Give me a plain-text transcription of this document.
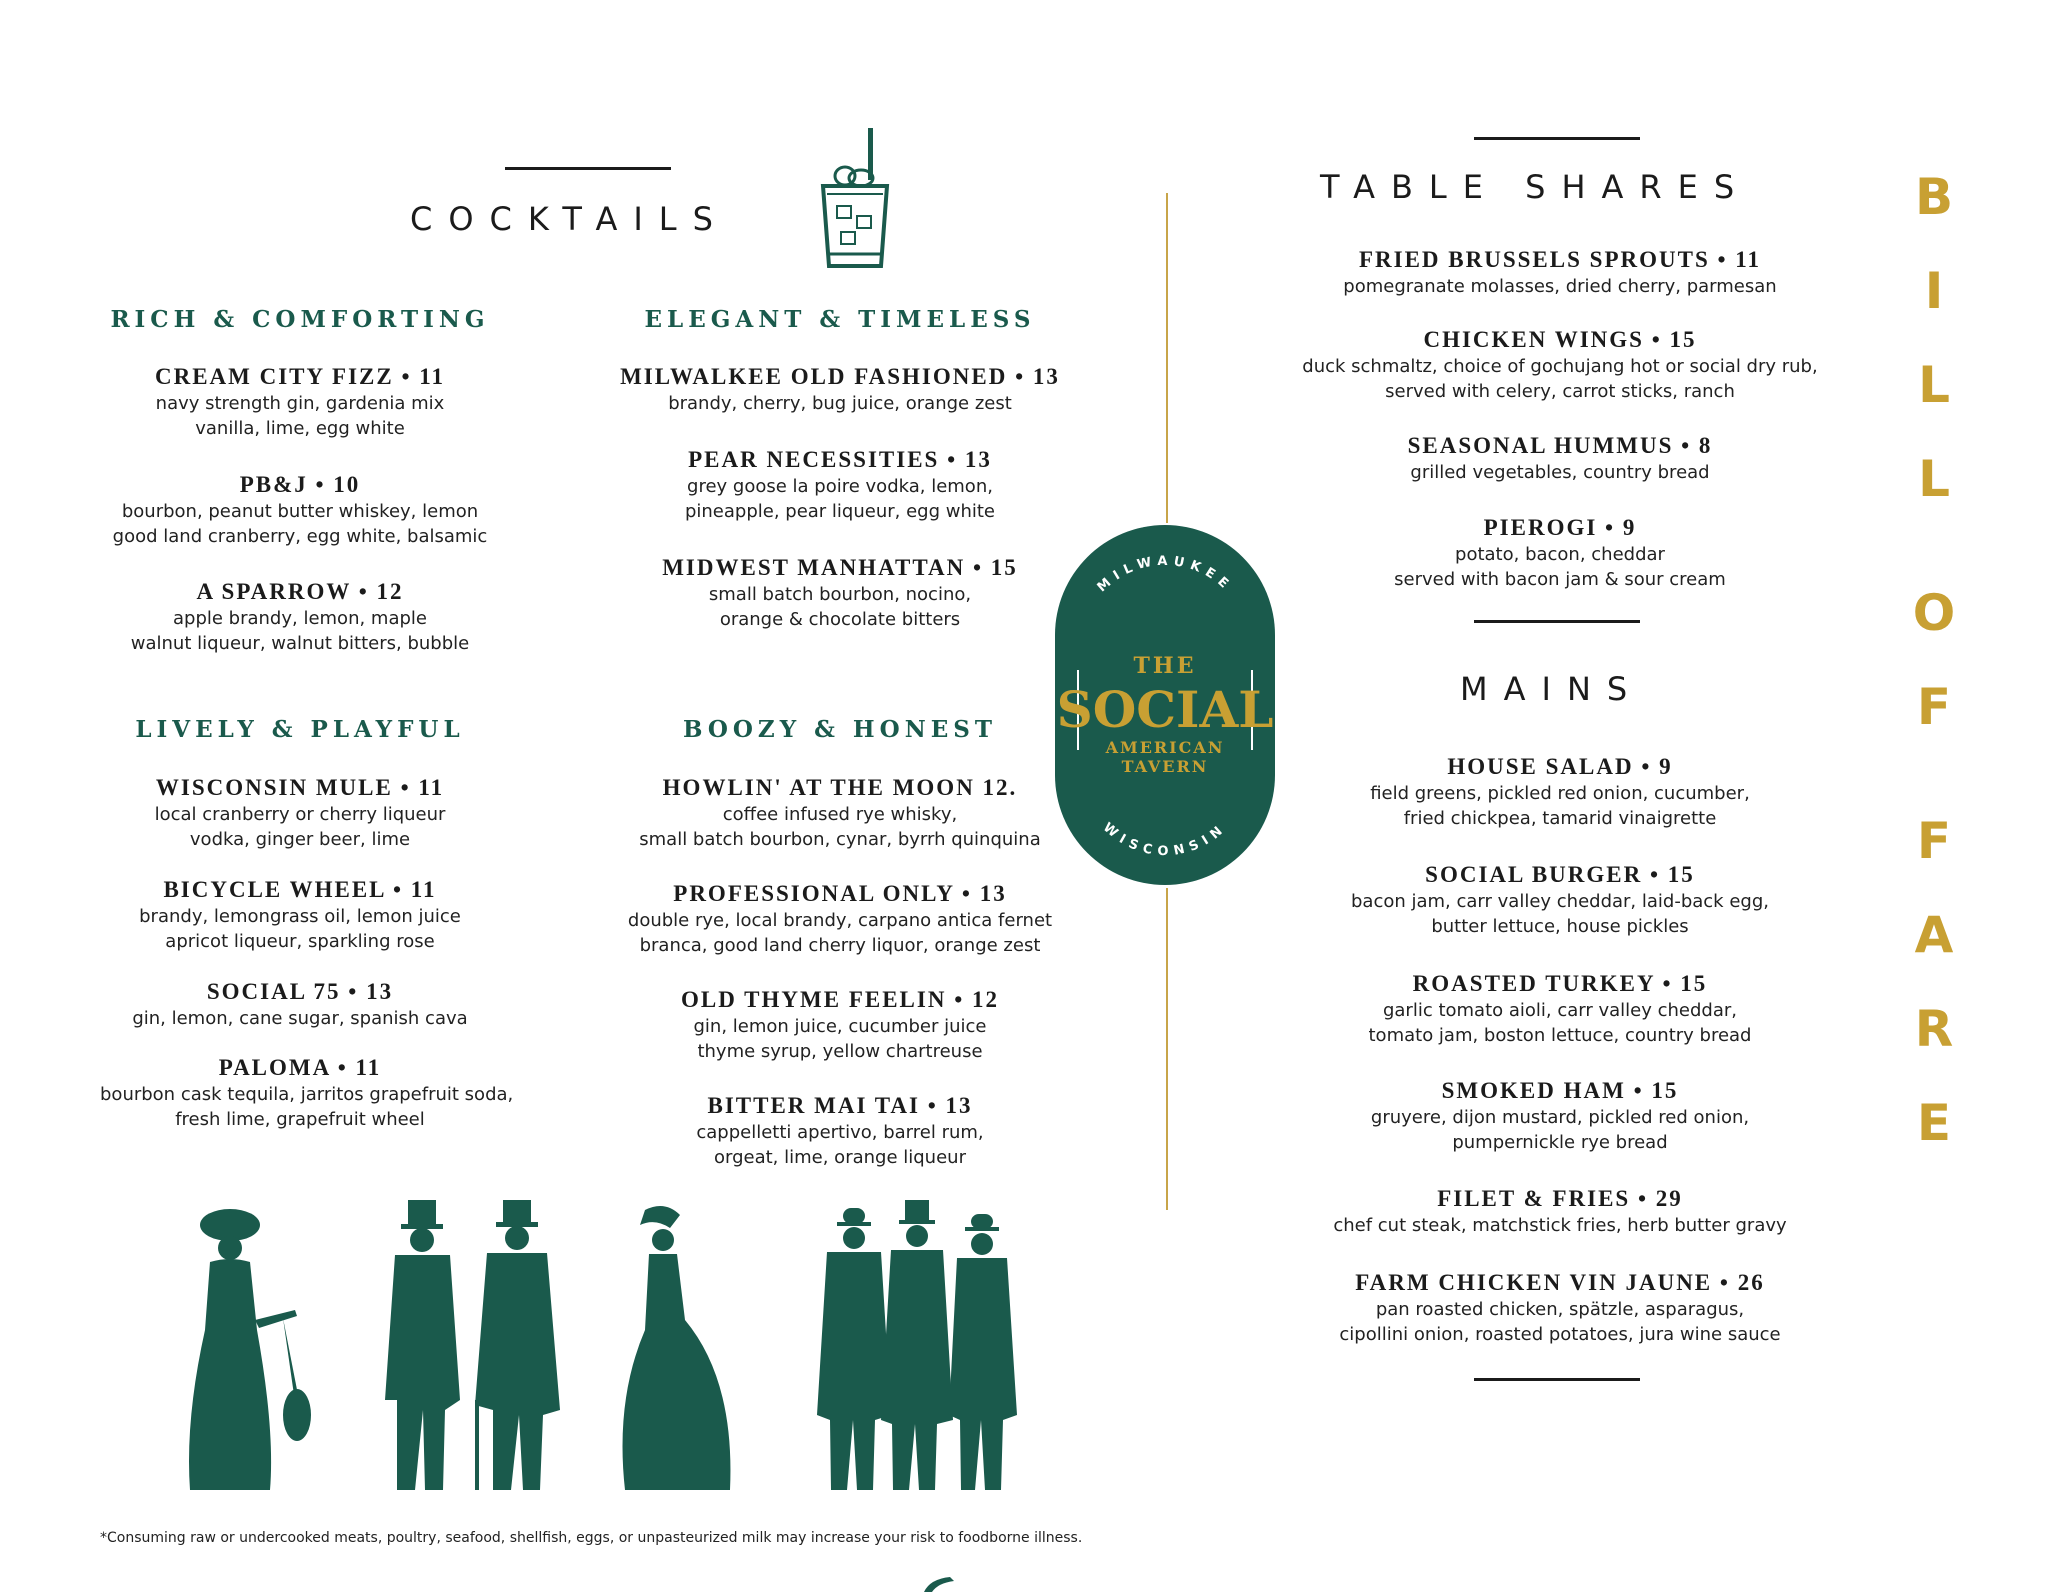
COCKTAILS
RICH & COMFORTING
CREAM CITY FIZZ • 11
navy strength gin, gardenia mix
vanilla, lime, egg white
PB&J • 10
bourbon, peanut butter whiskey, lemon
good land cranberry, egg white, balsamic
A SPARROW • 12
apple brandy, lemon, maple
walnut liqueur, walnut bitters, bubble
ELEGANT & TIMELESS
MILWALKEE OLD FASHIONED • 13
brandy, cherry, bug juice, orange zest
PEAR NECESSITIES • 13
grey goose la poire vodka, lemon,
pineapple, pear liqueur, egg white
MIDWEST MANHATTAN • 15
small batch bourbon, nocino,
orange & chocolate bitters
LIVELY & PLAYFUL
WISCONSIN MULE • 11
local cranberry or cherry liqueur
vodka, ginger beer, lime
BICYCLE WHEEL • 11
brandy, lemongrass oil, lemon juice
apricot liqueur, sparkling rose
SOCIAL 75 • 13
gin, lemon, cane sugar, spanish cava
PALOMA • 11
bourbon cask tequila, jarritos grapefruit soda,
fresh lime, grapefruit wheel
BOOZY & HONEST
HOWLIN' AT THE MOON 12.
coffee infused rye whisky,
small batch bourbon, cynar, byrrh quinquina
PROFESSIONAL ONLY • 13
double rye, local brandy, carpano antica fernet
branca, good land cherry liquor, orange zest
OLD THYME FEELIN • 12
gin, lemon juice, cucumber juice
thyme syrup, yellow chartreuse
BITTER MAI TAI • 13
cappelletti apertivo, barrel rum,
orgeat, lime, orange liqueur
MILWAUKEE
WISCONSIN
THE
SOCIAL
AMERICAN
TAVERN
TABLE SHARES
FRIED BRUSSELS SPROUTS • 11
pomegranate molasses, dried cherry, parmesan
CHICKEN WINGS • 15
duck schmaltz, choice of gochujang hot or social dry rub,
served with celery, carrot sticks, ranch
SEASONAL HUMMUS • 8
grilled vegetables, country bread
PIEROGI • 9
potato, bacon, cheddar
served with bacon jam & sour cream
MAINS
HOUSE SALAD • 9
field greens, pickled red onion, cucumber,
fried chickpea, tamarid vinaigrette
SOCIAL BURGER • 15
bacon jam, carr valley cheddar, laid-back egg,
butter lettuce, house pickles
ROASTED TURKEY • 15
garlic tomato aioli, carr valley cheddar,
tomato jam, boston lettuce, country bread
SMOKED HAM • 15
gruyere, dijon mustard, pickled red onion,
pumpernickle rye bread
FILET & FRIES • 29
chef cut steak, matchstick fries, herb butter gravy
FARM CHICKEN VIN JAUNE • 26
pan roasted chicken, spätzle, asparagus,
cipollini onion, roasted potatoes, jura wine sauce
B
I
L
L
O
F
F
A
R
E
*Consuming raw or undercooked meats, poultry, seafood, shellfish, eggs, or unpasteurized milk may increase your risk to foodborne illness.
